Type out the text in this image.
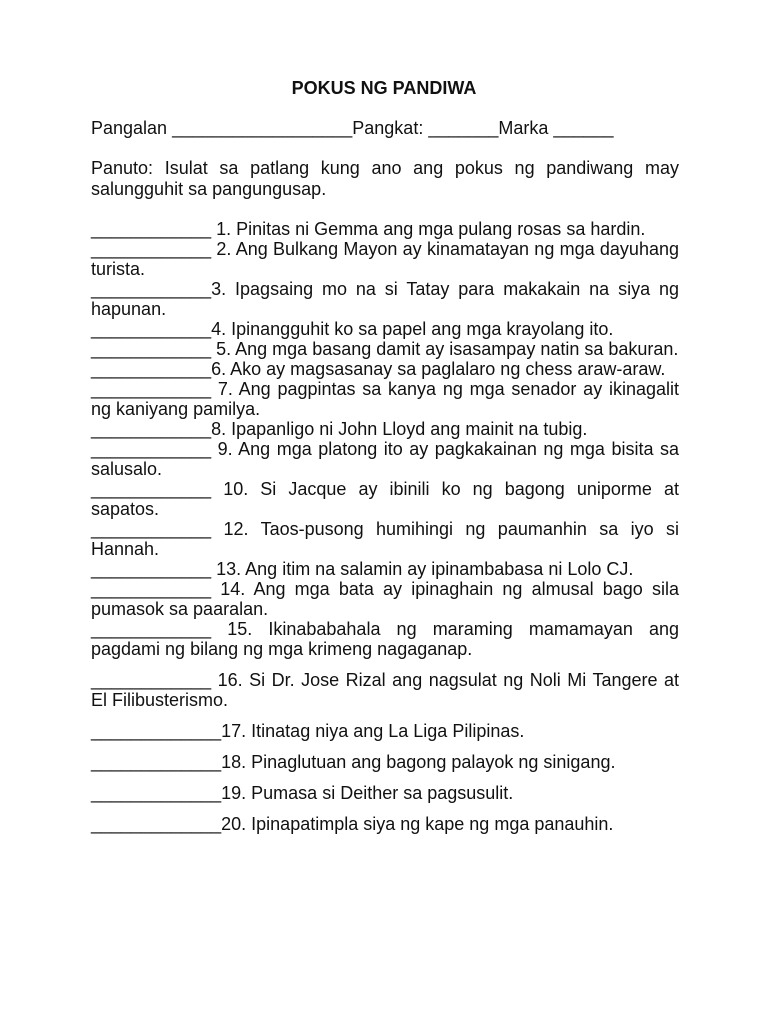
POKUS NG PANDIWA
Pangalan __________________Pangkat: _______Marka ______
Panuto: Isulat sa patlang kung ano ang pokus ng pandiwang may salungguhit sa pangungusap.

____________ 1. Pinitas ni Gemma ang mga pulang rosas sa hardin.

____________ 2. Ang Bulkang Mayon ay kinamatayan ng mga dayuhang turista.

____________3. Ipagsaing mo na si Tatay para makakain na siya ng hapunan.

____________4. Ipinangguhit ko sa papel ang mga krayolang ito.

____________ 5. Ang mga basang damit ay isasampay natin sa bakuran.

____________6. Ako ay magsasanay sa paglalaro ng chess araw-araw.

____________ 7. Ang pagpintas sa kanya ng mga senador ay ikinagalit ng kaniyang pamilya.

____________8. Ipapanligo ni John Lloyd ang mainit na tubig.

____________ 9. Ang mga platong ito ay pagkakainan ng mga bisita sa salusalo.

____________ 10. Si Jacque ay ibinili ko ng bagong uniporme at sapatos.

____________ 12. Taos-pusong humihingi ng paumanhin sa iyo si Hannah.

____________ 13. Ang itim na salamin ay ipinambabasa ni Lolo CJ.

____________ 14. Ang mga bata ay ipinaghain ng almusal bago sila pumasok sa paaralan.

____________ 15. Ikinababahala ng maraming mamamayan ang pagdami ng bilang ng mga krimeng nagaganap.

____________ 16. Si Dr. Jose Rizal ang nagsulat ng Noli Mi Tangere at El Filibusterismo.

_____________17. Itinatag niya ang La Liga Pilipinas.

_____________18. Pinaglutuan ang bagong palayok ng sinigang.

_____________19. Pumasa si Deither sa pagsusulit.

_____________20. Ipinapatimpla siya ng kape ng mga panauhin.
